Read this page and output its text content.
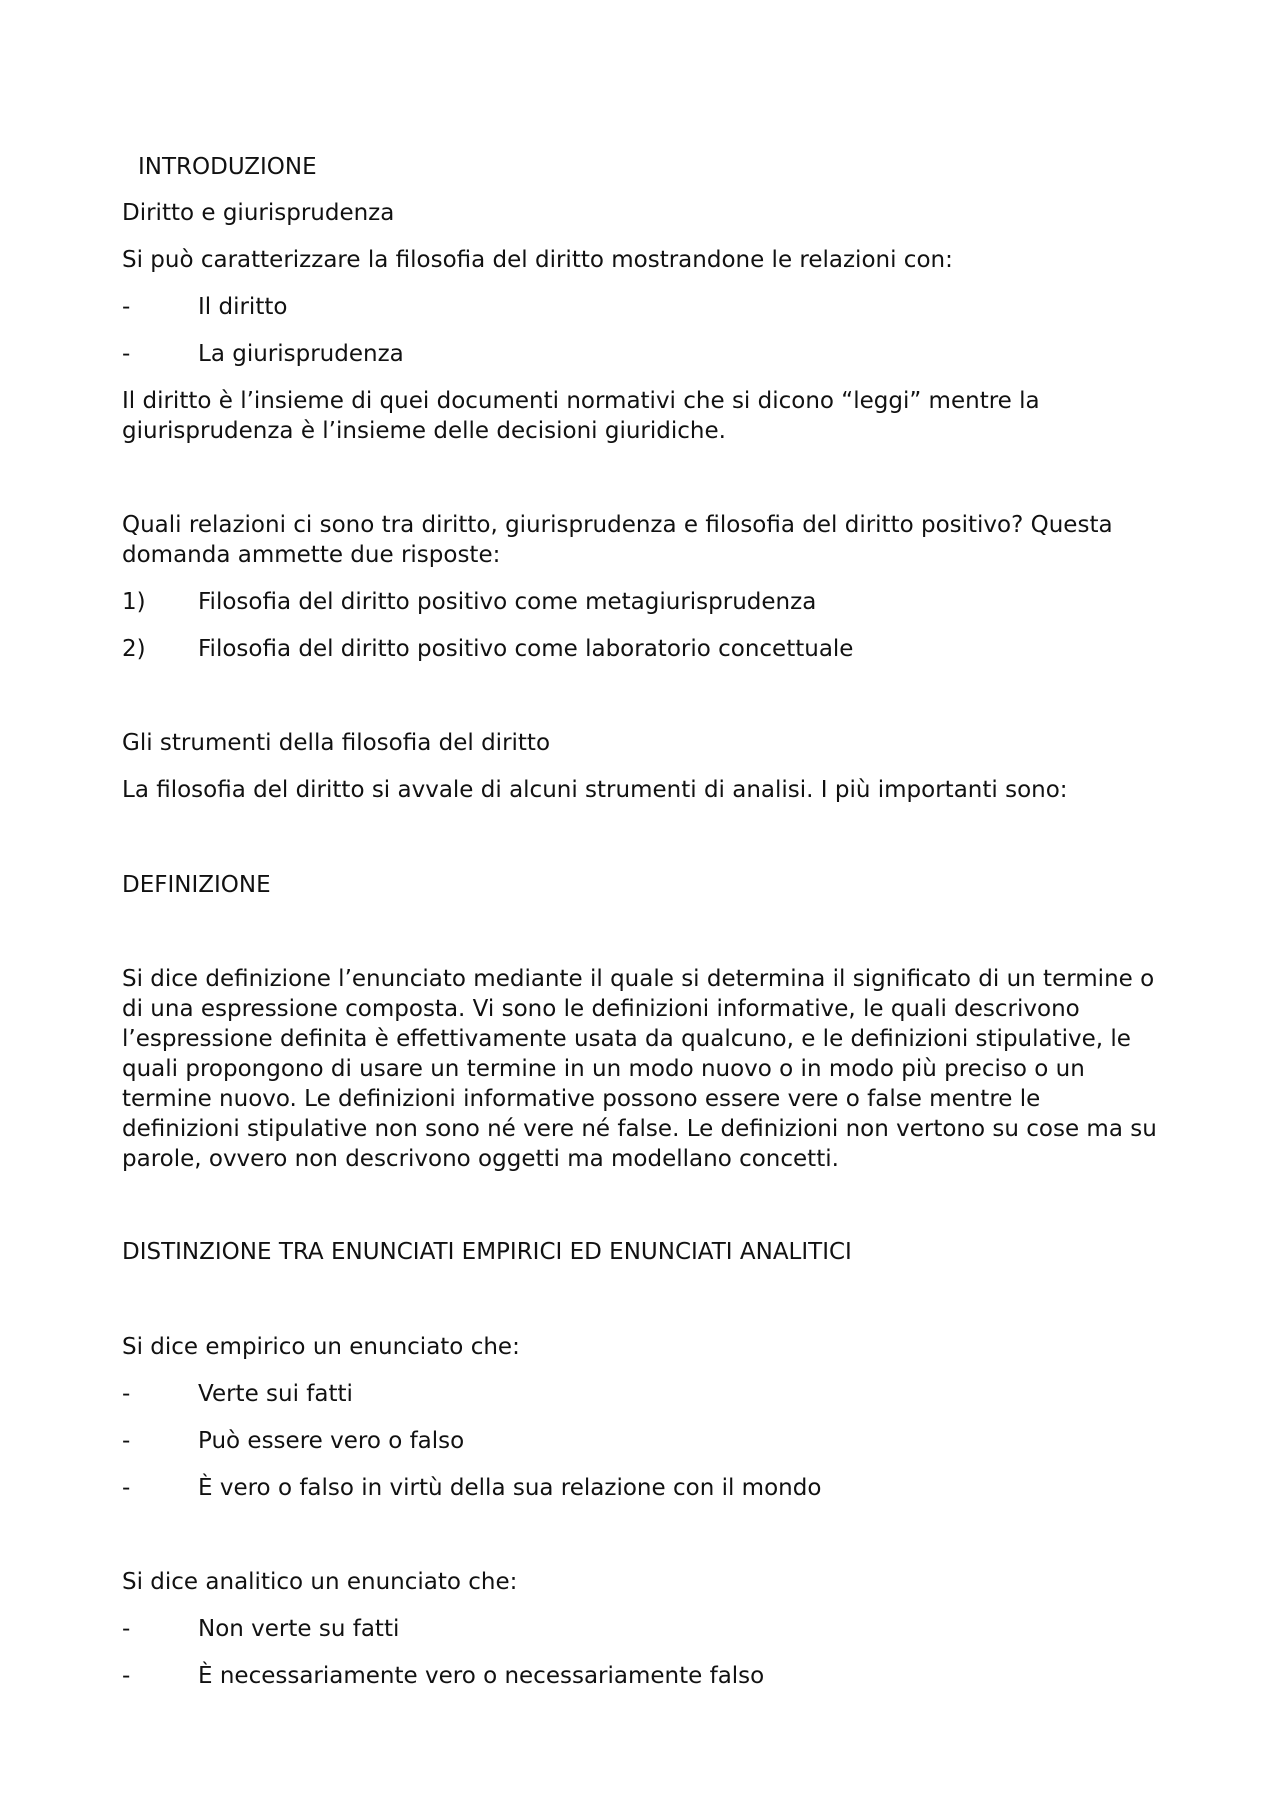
INTRODUZIONE

Diritto e giurisprudenza

Si può caratterizzare la filosofia del diritto mostrandone le relazioni con:

-	Il diritto
-	La giurisprudenza

Il diritto è l’insieme di quei documenti normativi che si dicono “leggi” mentre la giurisprudenza è l’insieme delle decisioni giuridiche.

Quali relazioni ci sono tra diritto, giurisprudenza e filosofia del diritto positivo? Questa domanda ammette due risposte:

1)	Filosofia del diritto positivo come metagiurisprudenza
2)	Filosofia del diritto positivo come laboratorio concettuale

Gli strumenti della filosofia del diritto

La filosofia del diritto si avvale di alcuni strumenti di analisi. I più importanti sono:

DEFINIZIONE

Si dice definizione l’enunciato mediante il quale si determina il significato di un termine o di una espressione composta. Vi sono le definizioni informative, le quali descrivono l’espressione definita è effettivamente usata da qualcuno, e le definizioni stipulative, le quali propongono di usare un termine in un modo nuovo o in modo più preciso o un termine nuovo. Le definizioni informative possono essere vere o false mentre le definizioni stipulative non sono né vere né false. Le definizioni non vertono su cose ma su parole, ovvero non descrivono oggetti ma modellano concetti.

DISTINZIONE TRA ENUNCIATI EMPIRICI ED ENUNCIATI ANALITICI

Si dice empirico un enunciato che:

-	Verte sui fatti
-	Può essere vero o falso
-	È vero o falso in virtù della sua relazione con il mondo

Si dice analitico un enunciato che:

-	Non verte su fatti
-	È necessariamente vero o necessariamente falso
